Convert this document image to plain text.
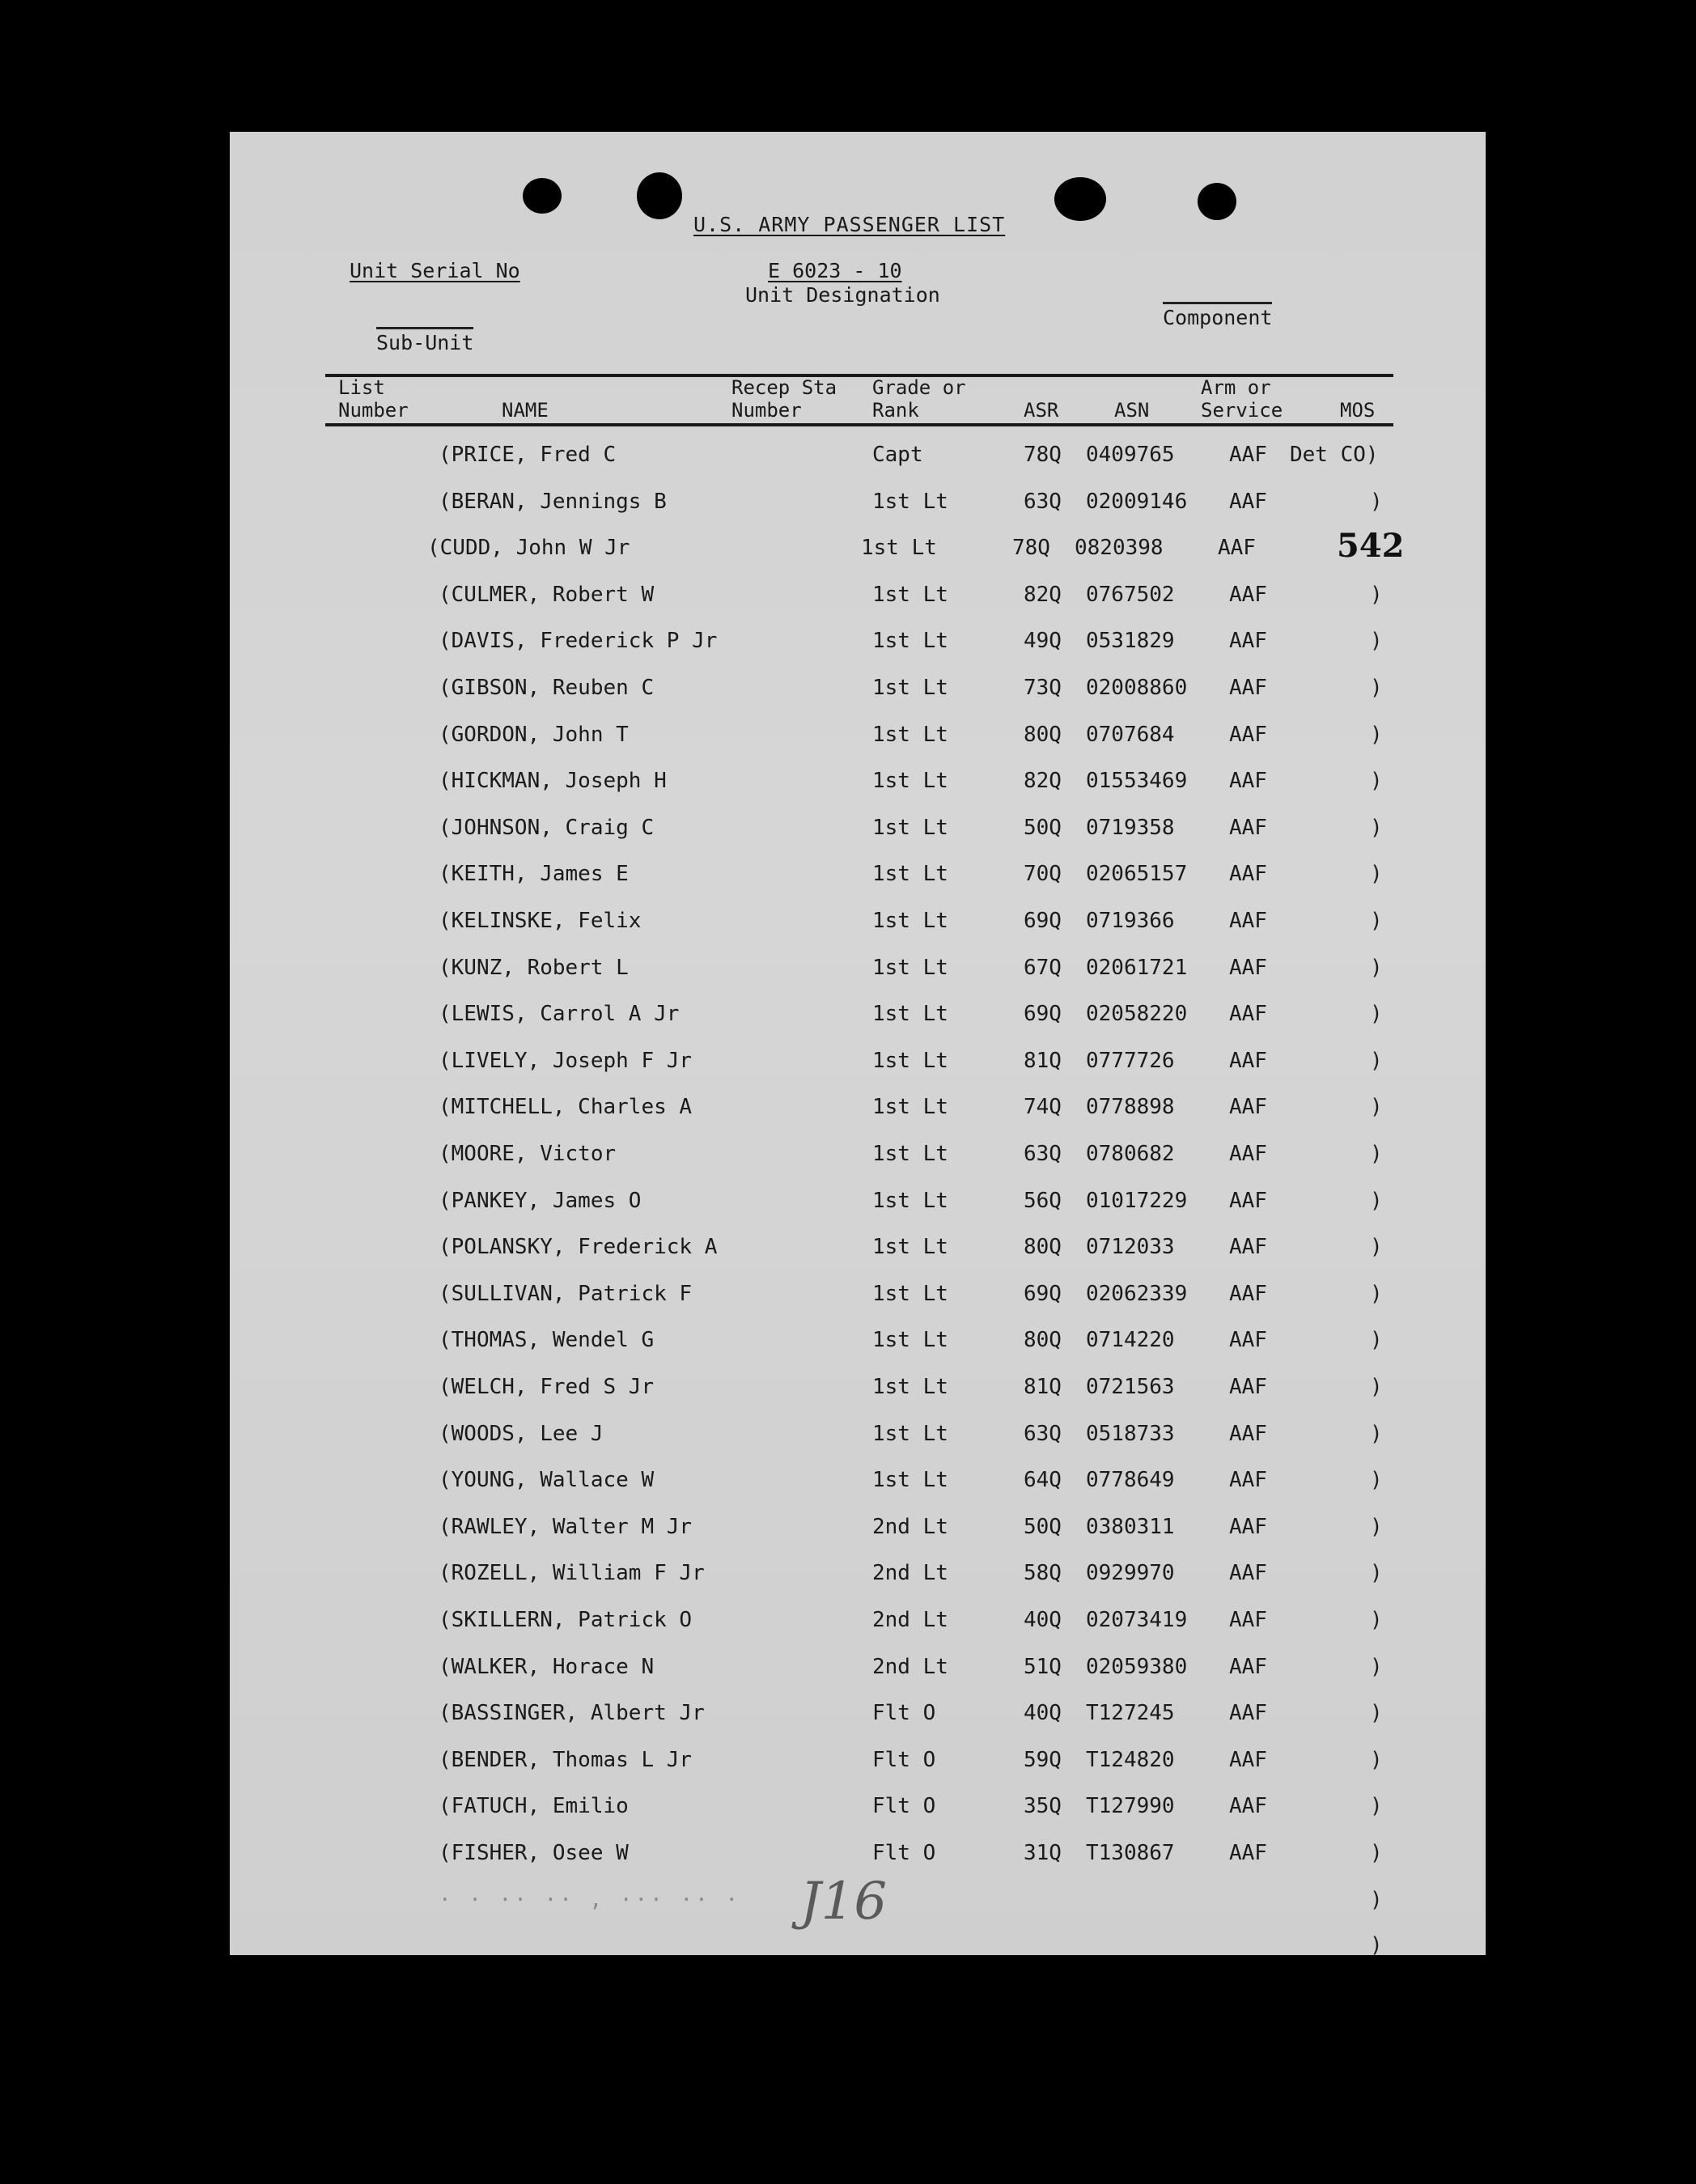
U.S. ARMY PASSENGER LIST
Unit Serial No	E 6023 - 10
Unit Designation
Component
Sub-Unit
List
Number	NAME
Recep Sta
Number
Grade or
Rank	ASR	ASN
Arm or
Service	MOS
(PRICE, Fred C	Capt	78Q 0409765	AAF Det CO)
(BERAN, Jennings B	1st Lt	63Q 02009146 AAF	)
(CUDD, John W Jr	1st Lt	78Q 0820398	AAF
(CULMER, Robert W	1st Lt	82Q 0767502	AAF	)
(DAVIS, Frederick P Jr	1st Lt	49Q 0531829	AAF	)
(GIBSON, Reuben C	1st Lt	73Q 02008860 AAF	)
(GORDON, John T	1st Lt	80Q 0707684	AAF	)
(HICKMAN, Joseph H	1st Lt	82Q 01553469 AAF	)
(JOHNSON, Craig C	1st Lt	50Q 0719358	AAF	)
(KEITH, James E	1st Lt	70Q 02065157 AAF	)
(KELINSKE, Felix	1st Lt	69Q 0719366	AAF	)
(KUNZ, Robert L	1st Lt	67Q 02061721 AAF	)
(LEWIS, Carrol A Jr	1st Lt	69Q 02058220 AAF	)
(LIVELY, Joseph F Jr	1st Lt	81Q 0777726	AAF	)
(MITCHELL, Charles A	1st Lt	74Q 0778898	AAF	)
(MOORE, Victor	1st Lt	63Q 0780682	AAF	)
(PANKEY, James O	1st Lt	56Q 01017229 AAF	)
(POLANSKY, Frederick A	1st Lt	80Q 0712033	AAF	)
(SULLIVAN, Patrick F	1st Lt	69Q 02062339 AAF	)
(THOMAS, Wendel G	1st Lt	80Q 0714220	AAF	)
(WELCH, Fred S Jr	1st Lt	81Q 0721563	AAF	)
(WOODS, Lee J	1st Lt	63Q 0518733	AAF	)
(YOUNG, Wallace W	1st Lt	64Q 0778649	AAF	)
(RAWLEY, Walter M Jr	2nd Lt	50Q 0380311	AAF	)
(ROZELL, William F Jr	2nd Lt	58Q 0929970	AAF	)
(SKILLERN, Patrick O	2nd Lt	40Q 02073419 AAF	)
(WALKER, Horace N	2nd Lt	51Q 02059380 AAF	)
(BASSINGER, Albert Jr	Flt O	40Q T127245	AAF	)
(BENDER, Thomas L Jr	Flt O	59Q T124820	AAF	)
(FATUCH, Emilio	Flt O	35Q T127990	AAF	)
(FISHER, Osee W	Flt O	31Q T130867	AAF	)
542
J16
· · ·· ·· , ··· ·· ·	)
)
